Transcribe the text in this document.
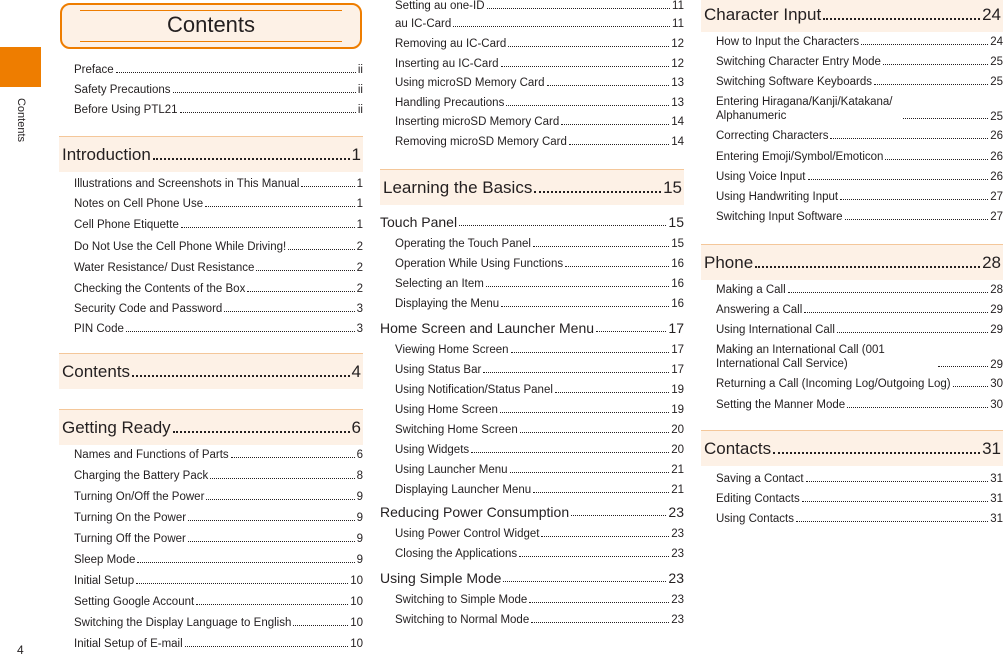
Contents
4
Contents
Preface	ii
Safety Precautions	ii
Before Using PTL21	ii
Introduction	1
Illustrations and Screenshots in This Manual	1
Notes on Cell Phone Use	1
Cell Phone Etiquette	1
Do Not Use the Cell Phone While Driving!	2
Water Resistance/ Dust Resistance	2
Checking the Contents of the Box	2
Security Code and Password	3
PIN Code	3
Contents	4
Getting Ready	6
Names and Functions of Parts	6
Charging the Battery Pack	8
Turning On/Off the Power	9
Turning On the Power	9
Turning Off the Power	9
Sleep Mode	9
Initial Setup	10
Setting Google Account	10
Switching the Display Language to English	10
Initial Setup of E-mail	10
Setting au one-ID	11
au IC-Card	11
Removing au IC-Card	12
Inserting au IC-Card	12
Using microSD Memory Card	13
Handling Precautions	13
Inserting microSD Memory Card	14
Removing microSD Memory Card	14
Learning the Basics	15
Touch Panel	15
Operating the Touch Panel	15
Operation While Using Functions	16
Selecting an Item	16
Displaying the Menu	16
Home Screen and Launcher Menu	17
Viewing Home Screen	17
Using Status Bar	17
Using Notification/Status Panel	19
Using Home Screen	19
Switching Home Screen	20
Using Widgets	20
Using Launcher Menu	21
Displaying Launcher Menu	21
Reducing Power Consumption	23
Using Power Control Widget	23
Closing the Applications	23
Using Simple Mode	23
Switching to Simple Mode	23
Switching to Normal Mode	23
Character Input	24
How to Input the Characters	24
Switching Character Entry Mode	25
Switching Software Keyboards	25
Entering Hiragana/Kanji/Katakana/ Alphanumeric	25
Correcting Characters	26
Entering Emoji/Symbol/Emoticon	26
Using Voice Input	26
Using Handwriting Input	27
Switching Input Software	27
Phone	28
Making a Call	28
Answering a Call	29
Using International Call	29
Making an International Call (001 International Call Service)	29
Returning a Call (Incoming Log/Outgoing Log)	30
Setting the Manner Mode	30
Contacts	31
Saving a Contact	31
Editing Contacts	31
Using Contacts	31
